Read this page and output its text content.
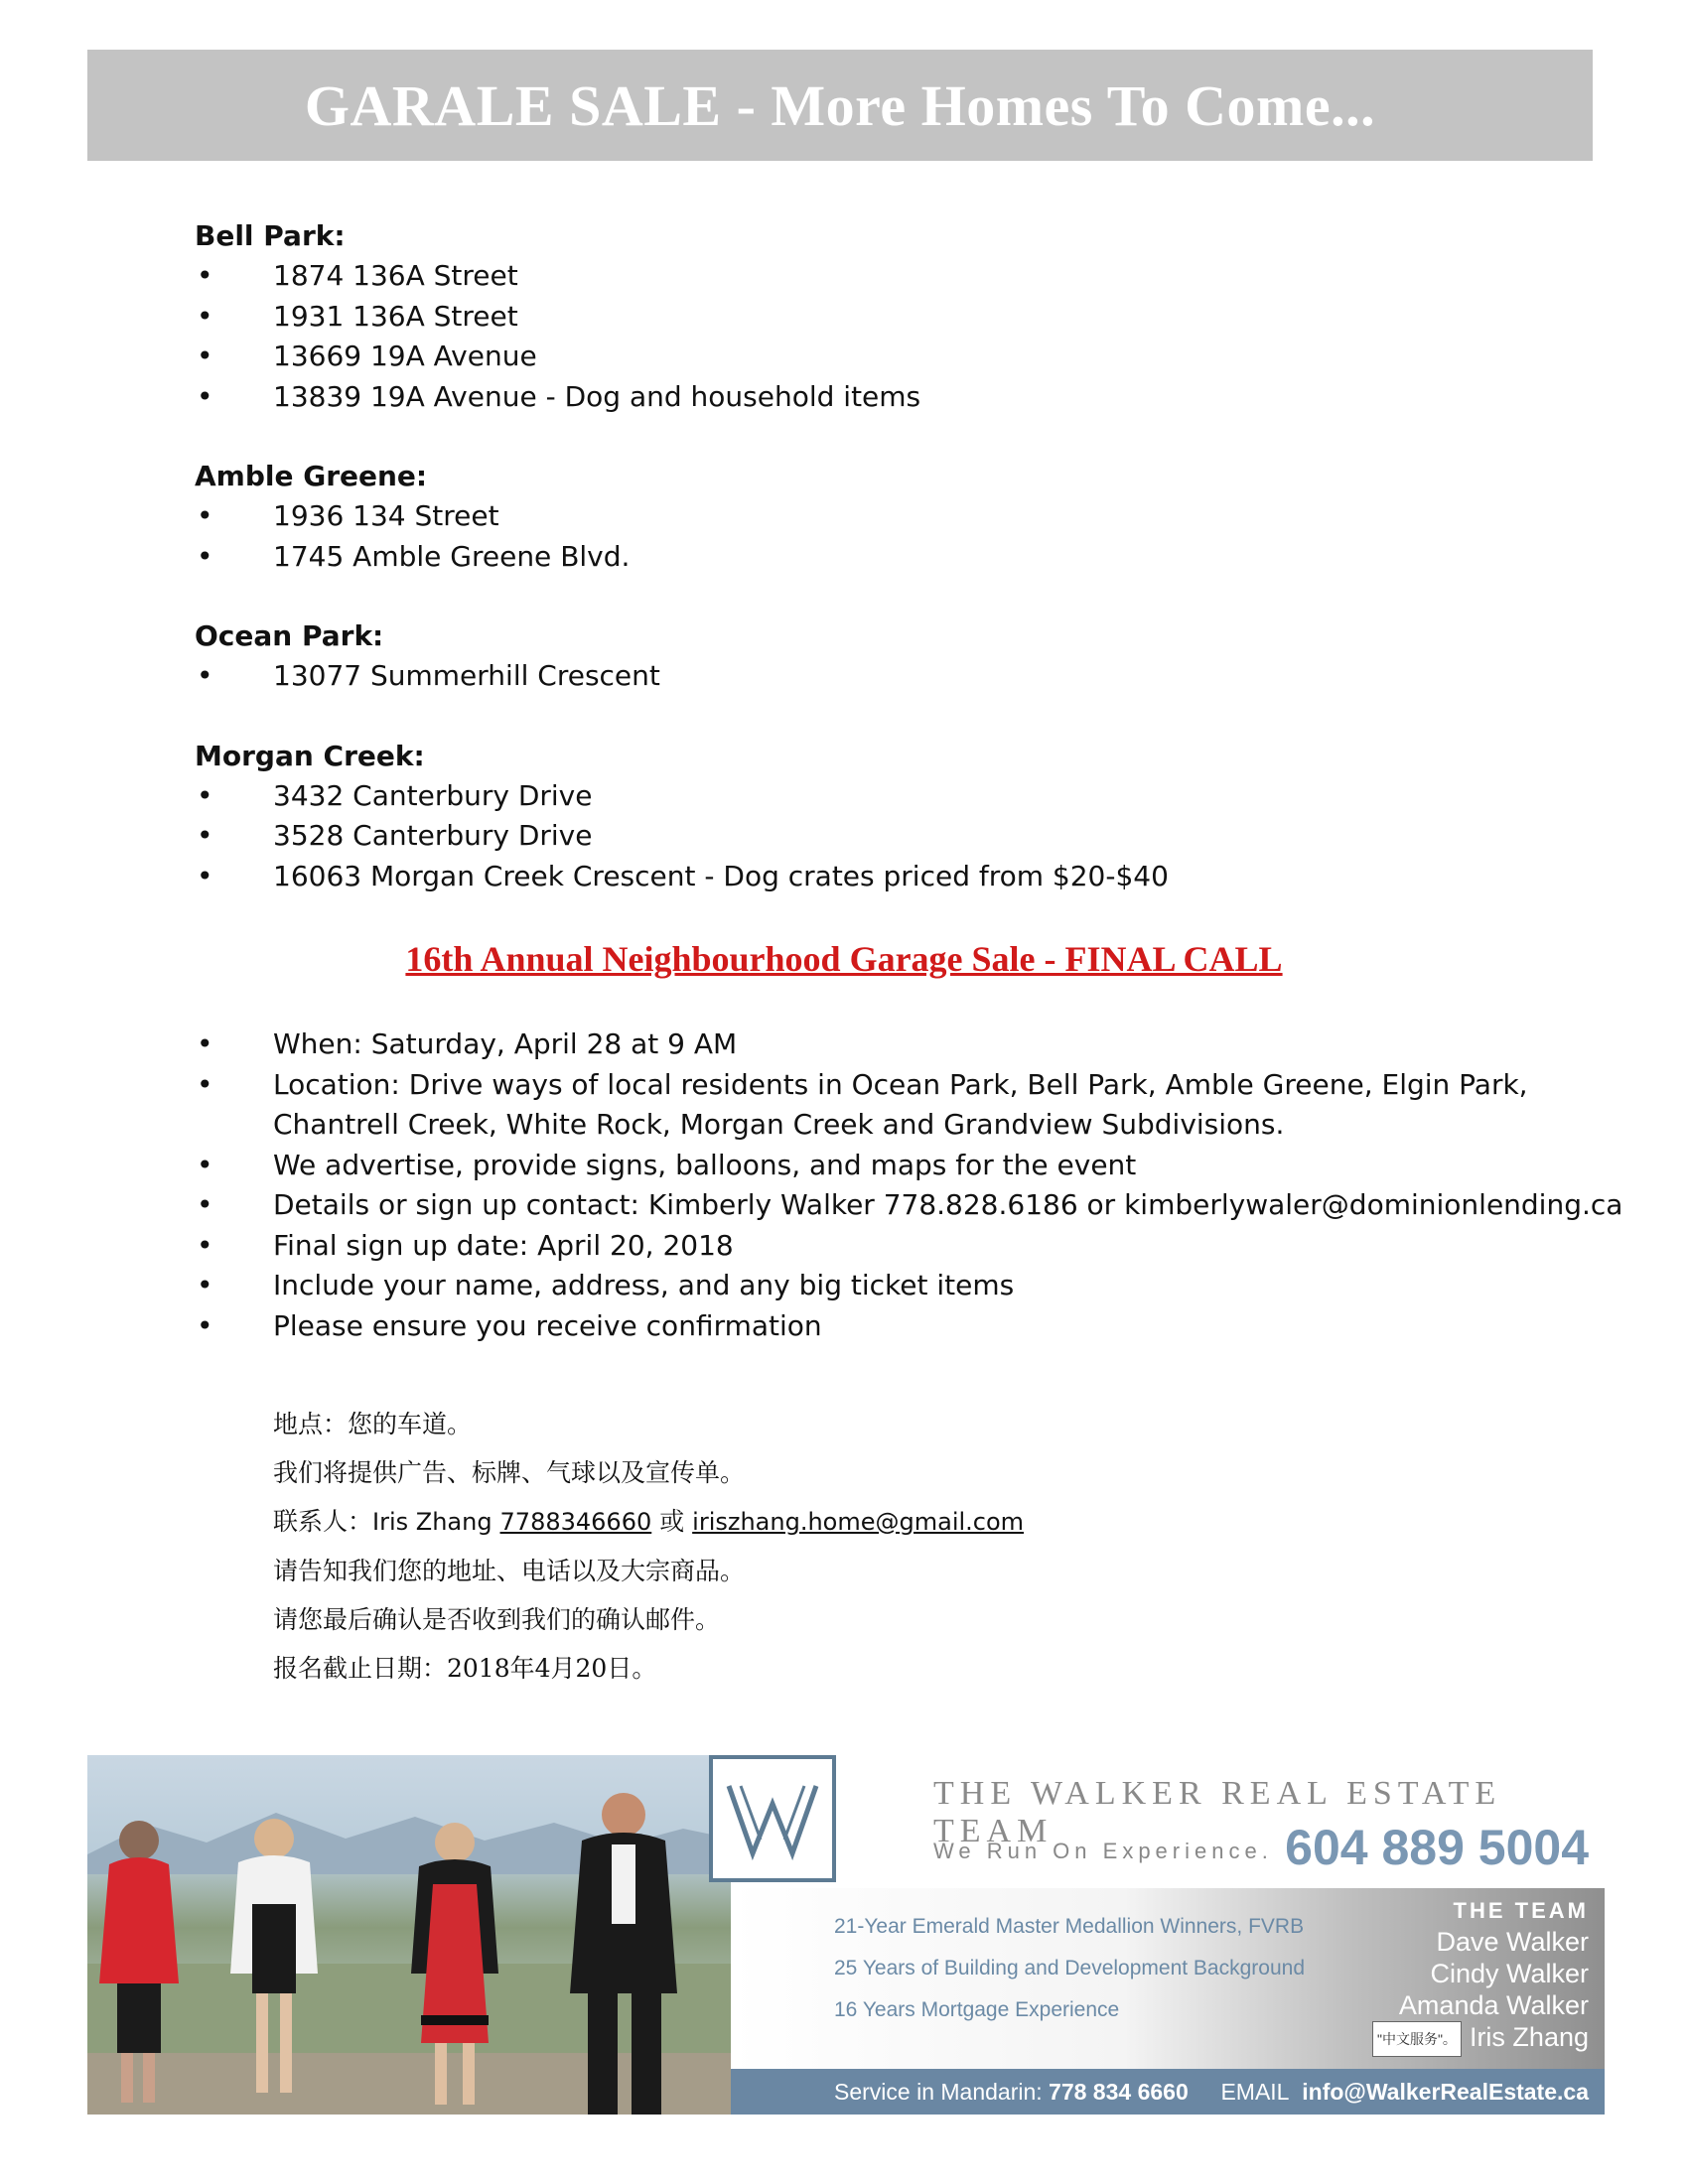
GARALE SALE - More Homes To Come...
Bell Park:
• 1874 136A Street
• 1931 136A Street
• 13669 19A Avenue
• 13839 19A Avenue - Dog and household items
Amble Greene:
• 1936 134 Street
• 1745 Amble Greene Blvd.
Ocean Park:
• 13077 Summerhill Crescent
Morgan Creek:
• 3432 Canterbury Drive
• 3528 Canterbury Drive
• 16063 Morgan Creek Crescent - Dog crates priced from $20-$40
16th Annual Neighbourhood Garage Sale - FINAL CALL
• When: Saturday, April 28 at 9 AM
• Location: Drive ways of local residents in Ocean Park, Bell Park, Amble Greene, Elgin Park,
Chantrell Creek, White Rock, Morgan Creek and Grandview Subdivisions.
• We advertise, provide signs, balloons, and maps for the event
• Details or sign up contact: Kimberly Walker 778.828.6186 or kimberlywaler@dominionlending.ca
• Final sign up date: April 20, 2018
• Include your name, address, and any big ticket items
• Please ensure you receive confirmation

地点：您的车道。

我们将提供广告、标牌、气球以及宣传单。

联系人：Iris Zhang 7788346660 或 iriszhang.home@gmail.com

请告知我们您的地址、电话以及大宗商品。

请您最后确认是否收到我们的确认邮件。

报名截止日期：2018年4月20日。

THE WALKER REAL ESTATE TEAM
We Run On Experience. 604 889 5004
21-Year Emerald Master Medallion Winners, FVRB
25 Years of Building and Development Background
16 Years Mortgage Experience
THE TEAM
Dave Walker
Cindy Walker
Amanda Walker
"中文服务"。 Iris Zhang
Service in Mandarin: 778 834 6660 EMAIL info@WalkerRealEstate.ca
